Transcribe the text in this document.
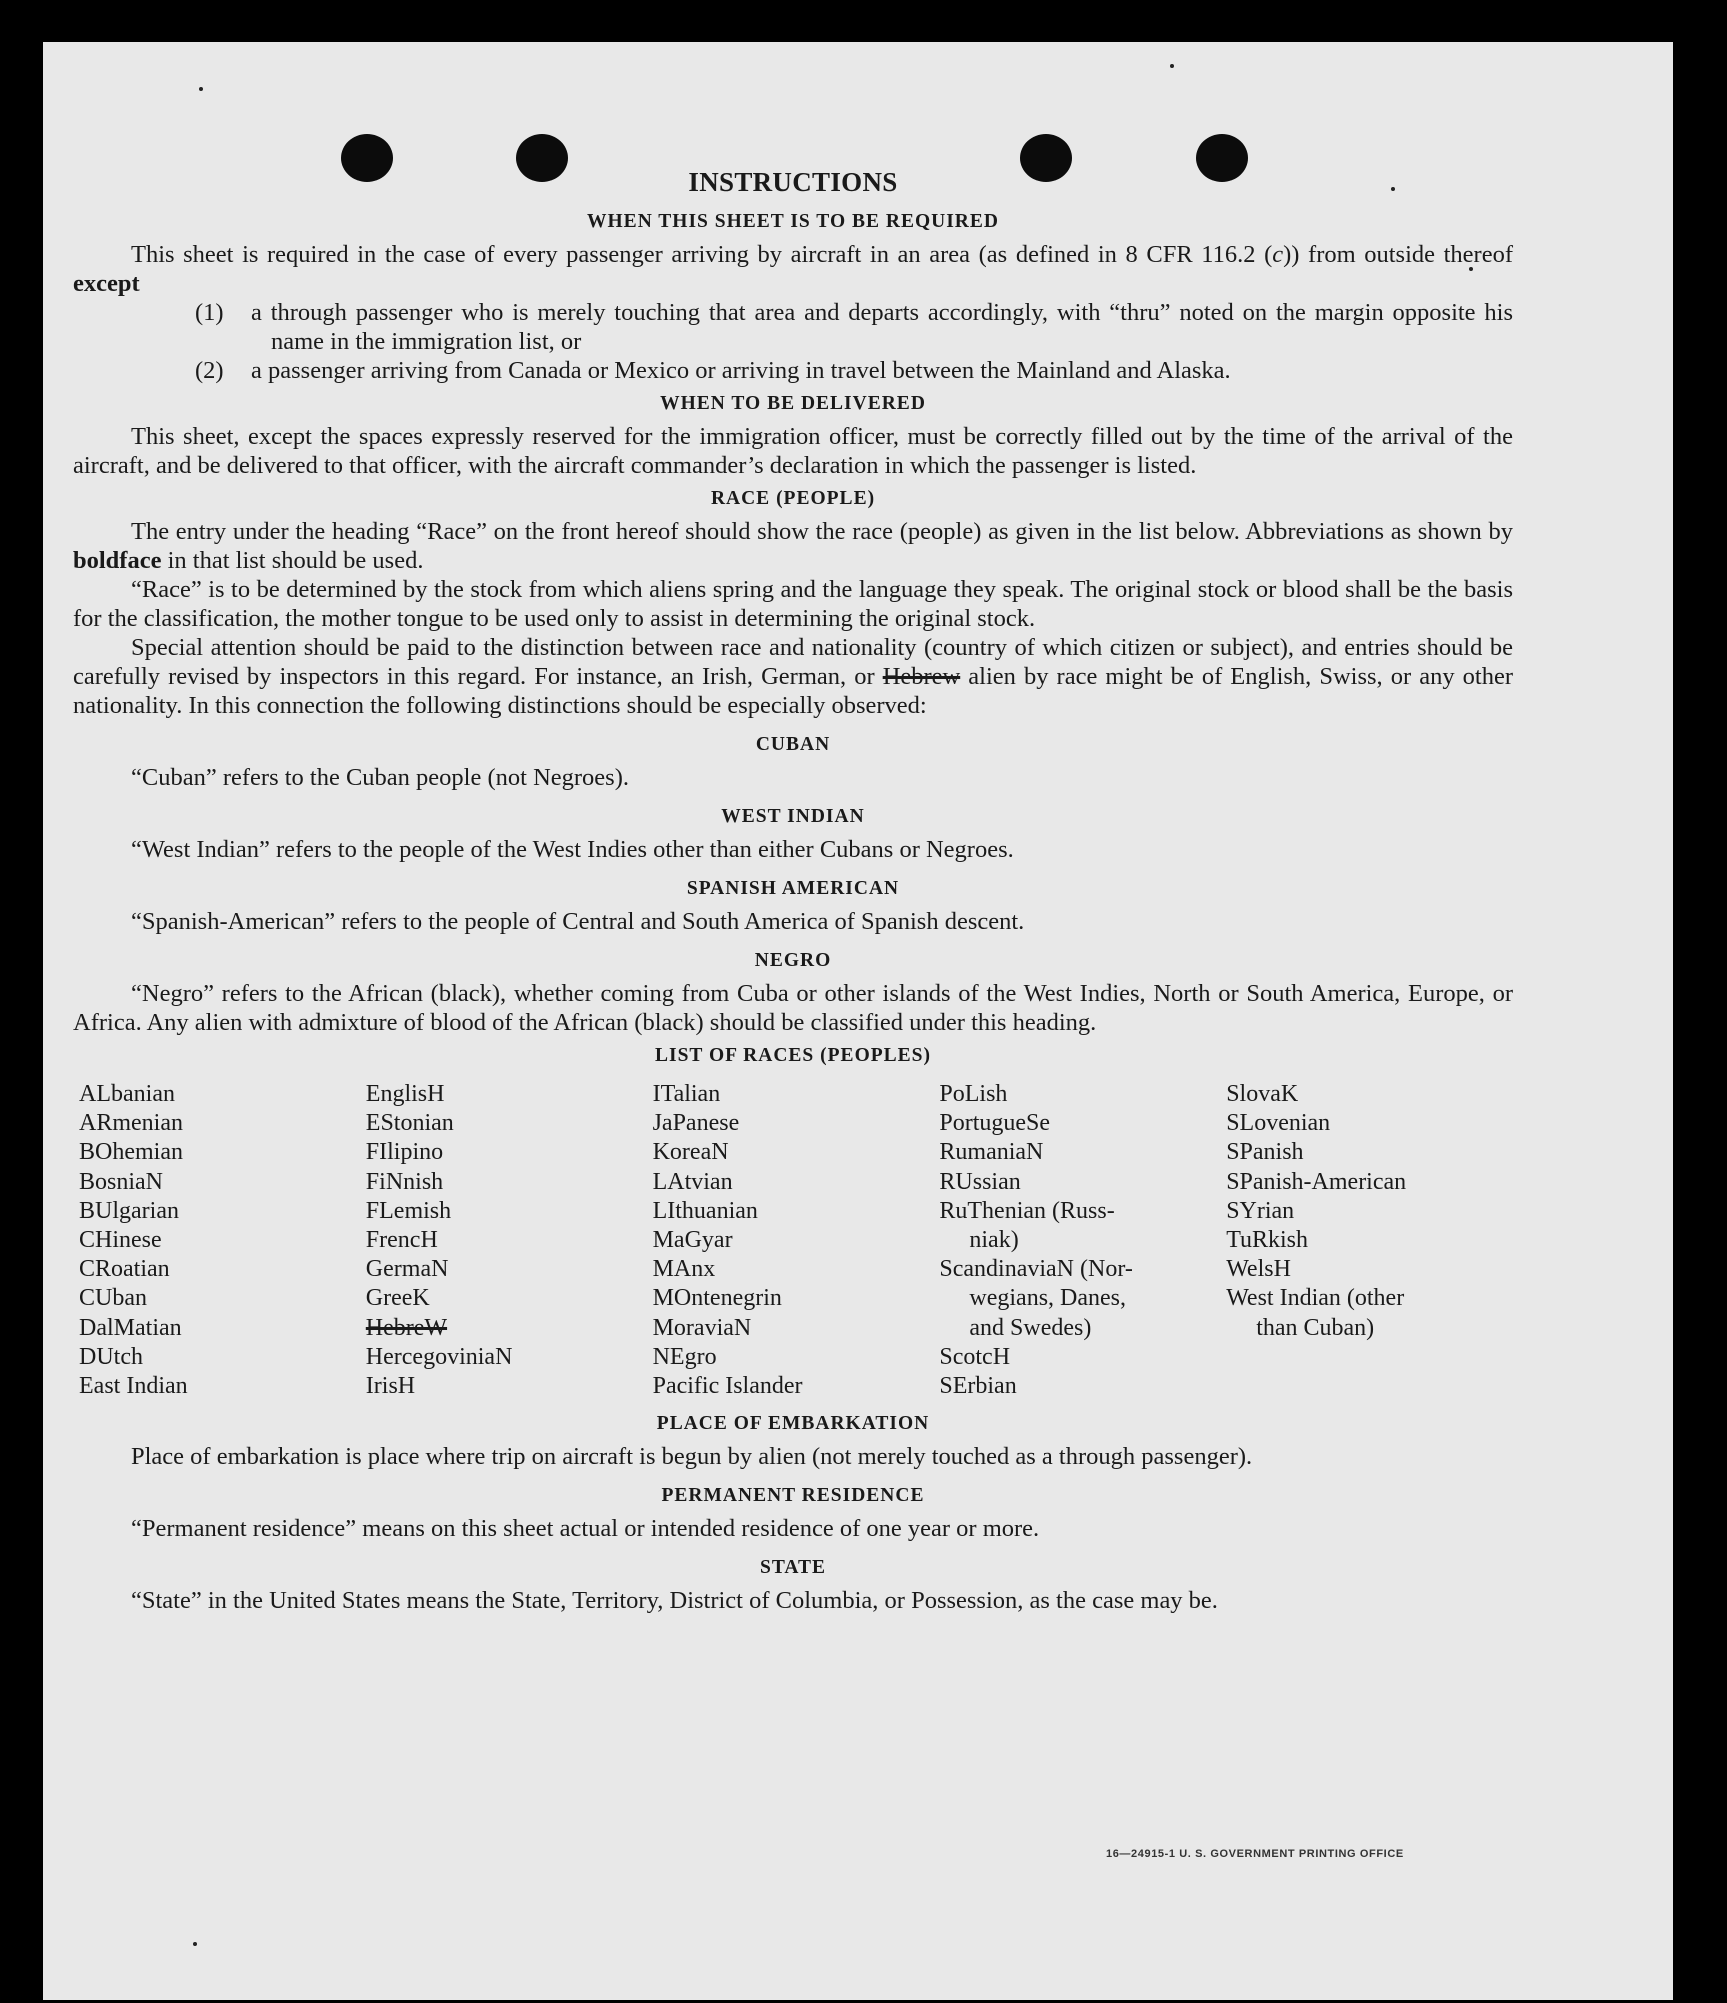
INSTRUCTIONS
WHEN THIS SHEET IS TO BE REQUIRED

This sheet is required in the case of every passenger arriving by aircraft in an area (as defined in 8 CFR 116.2 (c)) from outside thereof except

(1) a through passenger who is merely touching that area and departs accordingly, with “thru” noted on the margin opposite his name in the immigration list, or

(2) a passenger arriving from Canada or Mexico or arriving in travel between the Mainland and Alaska.

WHEN TO BE DELIVERED

This sheet, except the spaces expressly reserved for the immigration officer, must be correctly filled out by the time of the arrival of the aircraft, and be delivered to that officer, with the aircraft commander’s declaration in which the passenger is listed.

RACE (PEOPLE)

The entry under the heading “Race” on the front hereof should show the race (people) as given in the list below. Abbreviations as shown by boldface in that list should be used.

“Race” is to be determined by the stock from which aliens spring and the language they speak. The original stock or blood shall be the basis for the classification, the mother tongue to be used only to assist in determining the original stock.

Special attention should be paid to the distinction between race and nationality (country of which citizen or subject), and entries should be carefully revised by inspectors in this regard. For instance, an Irish, German, or Hebrew alien by race might be of English, Swiss, or any other nationality. In this connection the following distinctions should be especially observed:

CUBAN

“Cuban” refers to the Cuban people (not Negroes).

WEST INDIAN

“West Indian” refers to the people of the West Indies other than either Cubans or Negroes.

SPANISH AMERICAN

“Spanish-American” refers to the people of Central and South America of Spanish descent.

NEGRO

“Negro” refers to the African (black), whether coming from Cuba or other islands of the West Indies, North or South America, Europe, or Africa. Any alien with admixture of blood of the African (black) should be classified under this heading.

LIST OF RACES (PEOPLES)
ALbanian
ARmenian
BOhemian
BosniaN
BUlgarian
CHinese
CRoatian
CUban
DalMatian
DUtch
East Indian
EnglisH
EStonian
FIlipino
FiNnish
FLemish
FrencH
GermaN
GreeK
HebreW
HercegoviniaN
IrisH
ITalian
JaPanese
KoreaN
LAtvian
LIthuanian
MaGyar
MAnx
MOntenegrin
MoraviaN
NEgro
Pacific Islander
PoLish
PortugueSe
RumaniaN
RUssian
RuThenian (Russ-
niak)
ScandinaviaN (Nor-
wegians, Danes,
and Swedes)
ScotcH
SErbian
SlovaK
SLovenian
SPanish
SPanish-American
SYrian
TuRkish
WelsH
West Indian (other
than Cuban)
PLACE OF EMBARKATION

Place of embarkation is place where trip on aircraft is begun by alien (not merely touched as a through passenger).

PERMANENT RESIDENCE

“Permanent residence” means on this sheet actual or intended residence of one year or more.

STATE

“State” in the United States means the State, Territory, District of Columbia, or Possession, as the case may be.

16—24915-1 U. S. GOVERNMENT PRINTING OFFICE
